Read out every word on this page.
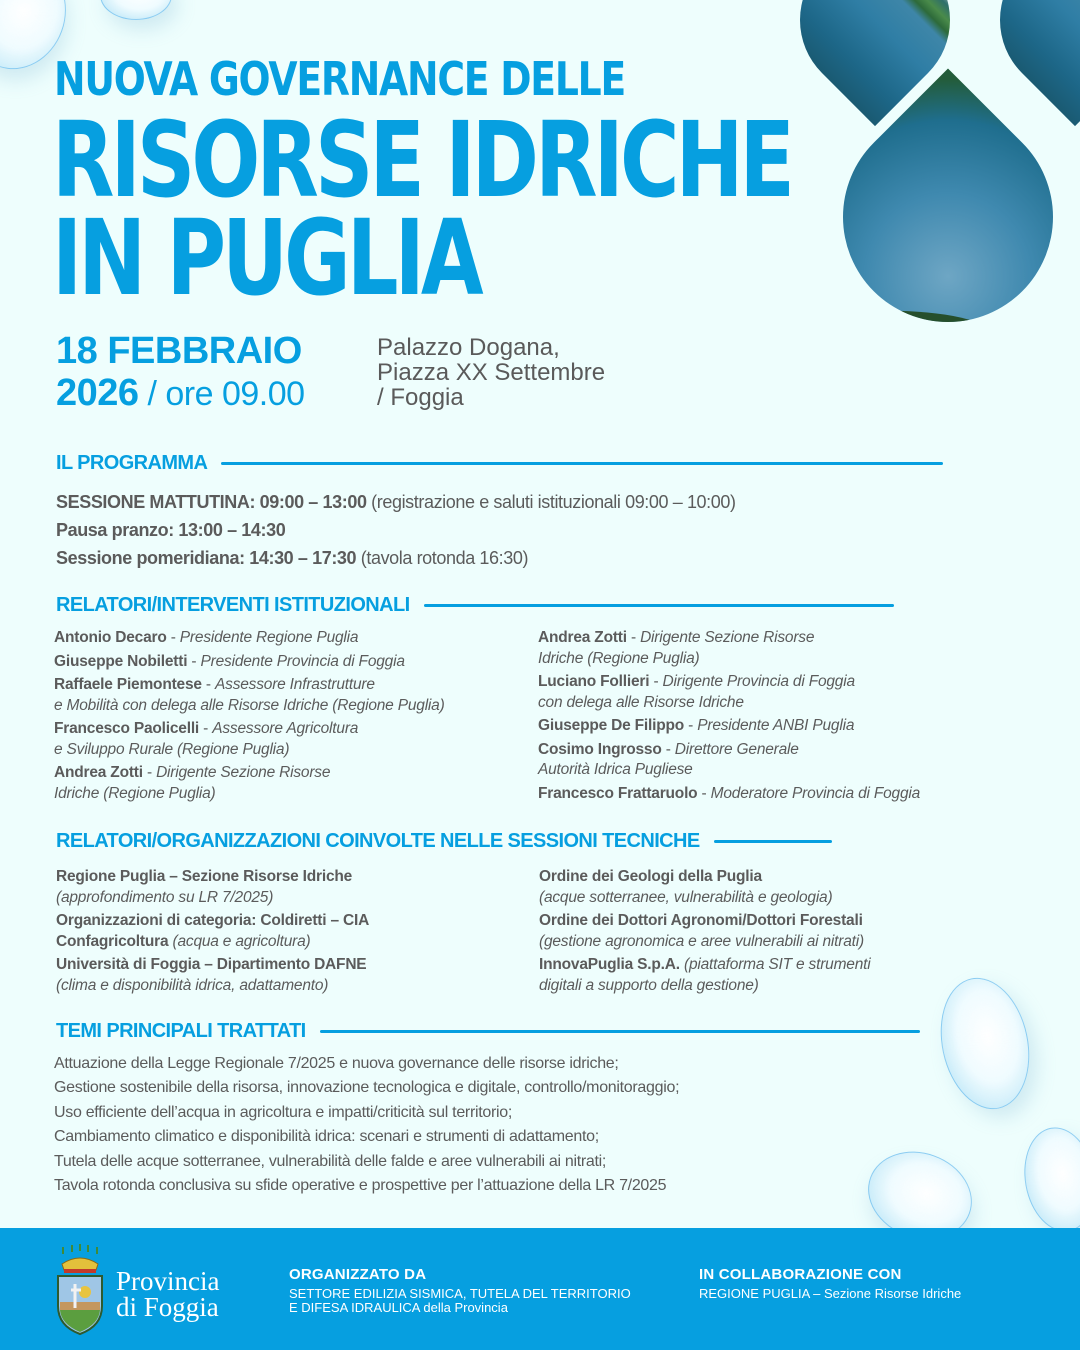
NUOVA GOVERNANCE DELLE
RISORSE IDRICHE
IN PUGLIA
18 FEBBRAIO
2026 / ore 09.00
Palazzo Dogana,
Piazza XX Settembre
/ Foggia
IL PROGRAMMA
SESSIONE MATTUTINA: 09:00 – 13:00 (registrazione e saluti istituzionali 09:00 – 10:00)
Pausa pranzo: 13:00 – 14:30
Sessione pomeridiana: 14:30 – 17:30 (tavola rotonda 16:30)
RELATORI/INTERVENTI ISTITUZIONALI
Antonio Decaro - Presidente Regione Puglia
Giuseppe Nobiletti - Presidente Provincia di Foggia
Raffaele Piemontese - Assessore Infrastrutture
e Mobilità con delega alle Risorse Idriche (Regione Puglia)
Francesco Paolicelli - Assessore Agricoltura
e Sviluppo Rurale (Regione Puglia)
Andrea Zotti - Dirigente Sezione Risorse
Idriche (Regione Puglia)
Andrea Zotti - Dirigente Sezione Risorse
Idriche (Regione Puglia)
Luciano Follieri - Dirigente Provincia di Foggia
con delega alle Risorse Idriche
Giuseppe De Filippo - Presidente ANBI Puglia
Cosimo Ingrosso - Direttore Generale
Autorità Idrica Pugliese
Francesco Frattaruolo - Moderatore Provincia di Foggia
RELATORI/ORGANIZZAZIONI COINVOLTE NELLE SESSIONI TECNICHE
Regione Puglia – Sezione Risorse Idriche
(approfondimento su LR 7/2025)
Organizzazioni di categoria: Coldiretti – CIA
Confagricoltura (acqua e agricoltura)
Università di Foggia – Dipartimento DAFNE
(clima e disponibilità idrica, adattamento)
Ordine dei Geologi della Puglia
(acque sotterranee, vulnerabilità e geologia)
Ordine dei Dottori Agronomi/Dottori Forestali
(gestione agronomica e aree vulnerabili ai nitrati)
InnovaPuglia S.p.A. (piattaforma SIT e strumenti
digitali a supporto della gestione)
TEMI PRINCIPALI TRATTATI
Attuazione della Legge Regionale 7/2025 e nuova governance delle risorse idriche;
Gestione sostenibile della risorsa, innovazione tecnologica e digitale, controllo/monitoraggio;
Uso efficiente dell’acqua in agricoltura e impatti/criticità sul territorio;
Cambiamento climatico e disponibilità idrica: scenari e strumenti di adattamento;
Tutela delle acque sotterranee, vulnerabilità delle falde e aree vulnerabili ai nitrati;
Tavola rotonda conclusiva su sfide operative e prospettive per l’attuazione della LR 7/2025
Provincia
di Foggia
ORGANIZZATO DA
SETTORE EDILIZIA SISMICA, TUTELA DEL TERRITORIO
E DIFESA IDRAULICA della Provincia
IN COLLABORAZIONE CON
REGIONE PUGLIA – Sezione Risorse Idriche
